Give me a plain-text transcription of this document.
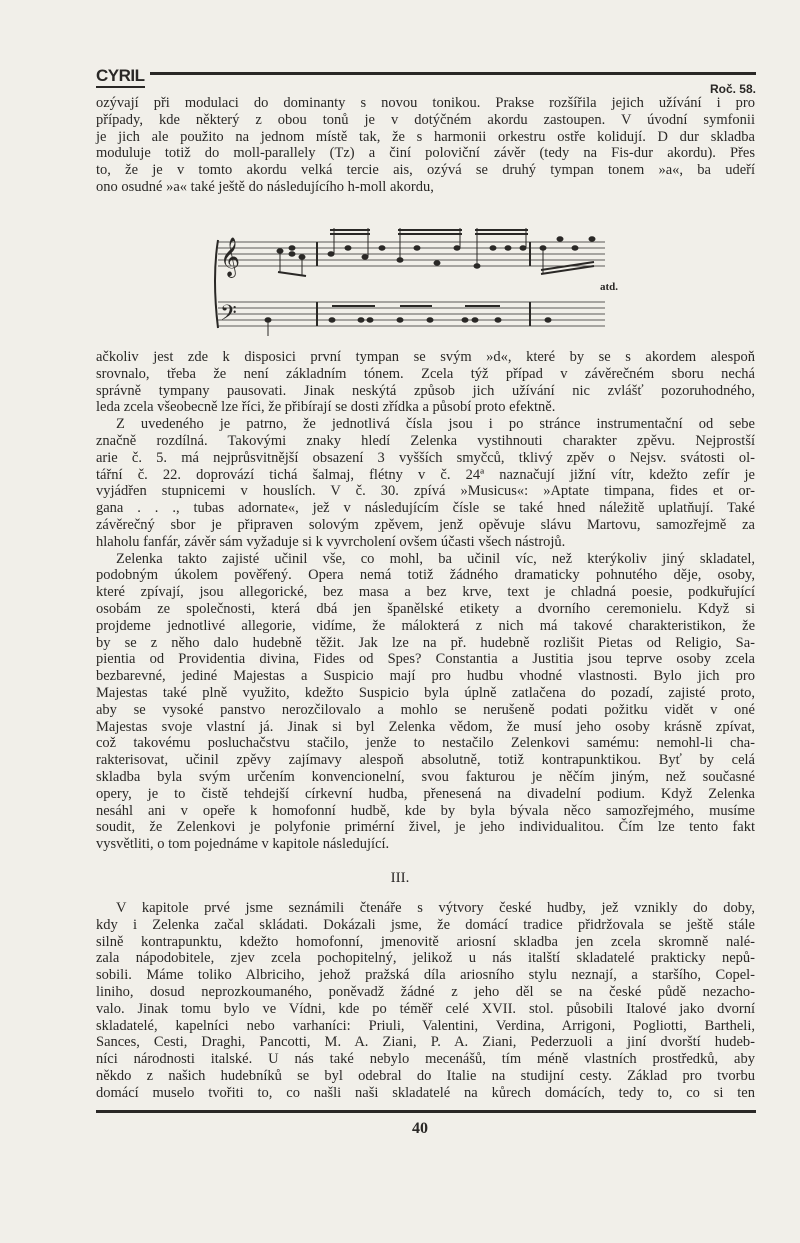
CYRIL
Roč. 58.
ozývají při modulaci do dominanty s novou tonikou. Prakse rozšířila jejich užívání i pro
případy, kde některý z obou tonů je v dotýčném akordu zastoupen. V úvodní symfonii
je jich ale použito na jednom místě tak, že s harmonii orkestru ostře kolidují. D dur skladba
moduluje totiž do moll-parallely (Tz) a činí poloviční závěr (tedy na Fis-dur akordu). Přes
to, že je v tomto akordu velká tercie ais, ozývá se druhý tympan tonem »a«, ba udeří
ono osudné »a« také ještě do následujícího h-moll akordu,
𝄞
𝄢
atd.
ačkoliv jest zde k disposici první tympan se svým »d«, které by se s akordem alespoň
srovnalo, třeba že není základním tónem. Zcela týž případ v závěrečném sboru nechá
správně tympany pausovati. Jinak neskýtá způsob jich užívání nic zvlášť pozoruhodného,
leda zcela všeobecně lze říci, že přibírají se dosti zřídka a působí proto efektně.
Z uvedeného je patrno, že jednotlivá čísla jsou i po stránce instrumentační od sebe
značně rozdílná. Takovými znaky hledí Zelenka vystihnouti charakter zpěvu. Nejprostší
arie č. 5. má nejprůsvitnější obsazení 3 vyšších smyčců, tklivý zpěv o Nejsv. svátosti ol-
tářní č. 22. doprovází tichá šalmaj, flétny v č. 24ª naznačují jižní vítr, kdežto zefír je
vyjádřen stupnicemi v houslích. V č. 30. zpívá »Musicus«: »Aptate timpana, fides et or-
gana . . ., tubas adornate«, jež v následujícím čísle se také hned náležitě uplatňují. Také
závěrečný sbor je připraven solovým zpěvem, jenž opěvuje slávu Martovu, samozřejmě za
hlaholu fanfár, závěr sám vyžaduje si k vyvrcholení ovšem účasti všech nástrojů.
Zelenka takto zajisté učinil vše, co mohl, ba učinil víc, než kterýkoliv jiný skladatel,
podobným úkolem pověřený. Opera nemá totiž žádného dramaticky pohnutého děje, osoby,
které zpívají, jsou allegorické, bez masa a bez krve, text je chladná poesie, podkuřující
osobám ze společnosti, která dbá jen španělské etikety a dvorního ceremonielu. Když si
projdeme jednotlivé allegorie, vidíme, že málokterá z nich má takové charakteristikon, že
by se z něho dalo hudebně těžit. Jak lze na př. hudebně rozlišit Pietas od Religio, Sa-
pientia od Providentia divina, Fides od Spes? Constantia a Justitia jsou teprve osoby zcela
bezbarevné, jediné Majestas a Suspicio mají pro hudbu vhodné vlastnosti. Bylo jich pro
Majestas také plně využito, kdežto Suspicio byla úplně zatlačena do pozadí, zajisté proto,
aby se vysoké panstvo nerozčilovalo a mohlo se nerušeně podati požitku vidět v oné
Majestas svoje vlastní já. Jinak si byl Zelenka vědom, že musí jeho osoby krásně zpívat,
což takovému posluchačstvu stačilo, jenže to nestačilo Zelenkovi samému: nemohl-li cha-
rakterisovat, učinil zpěvy zajímavy alespoň absolutně, totiž kontrapunktikou. Byť by celá
skladba byla svým určením konvencionelní, svou fakturou je něčím jiným, než současné
opery, je to čistě tehdejší církevní hudba, přenesená na divadelní podium. Když Zelenka
nesáhl ani v opeře k homofonní hudbě, kde by byla bývala něco samozřejmého, musíme
soudit, že Zelenkovi je polyfonie primérní živel, je jeho individualitou. Čím lze tento fakt
vysvětliti, o tom pojednáme v kapitole následující.
III.
V kapitole prvé jsme seznámili čtenáře s výtvory české hudby, jež vznikly do doby,
kdy i Zelenka začal skládati. Dokázali jsme, že domácí tradice přidržovala se ještě stále
silně kontrapunktu, kdežto homofonní, jmenovitě ariosní skladba jen zcela skromně nalé-
zala nápodobitele, zjev zcela pochopitelný, jelikož u nás italští skladatelé prakticky nepů-
sobili. Máme toliko Albriciho, jehož pražská díla ariosního stylu neznají, a staršího, Copel-
liniho, dosud neprozkoumaného, poněvadž žádné z jeho děl se na české půdě nezacho-
valo. Jinak tomu bylo ve Vídni, kde po téměř celé XVII. stol. působili Italové jako dvorní
skladatelé, kapelníci nebo varhaníci: Priuli, Valentini, Verdina, Arrigoni, Pogliotti, Bartheli,
Sances, Cesti, Draghi, Pancotti, M. A. Ziani, P. A. Ziani, Pederzuoli a jiní dvorští hudeb-
níci národnosti italské. U nás také nebylo mecenášů, tím méně vlastních prostředků, aby
někdo z našich hudebníků se byl odebral do Italie na studijní cesty. Základ pro tvorbu
domácí muselo tvořiti to, co našli naši skladatelé na kůrech domácích, tedy to, co si ten
40
